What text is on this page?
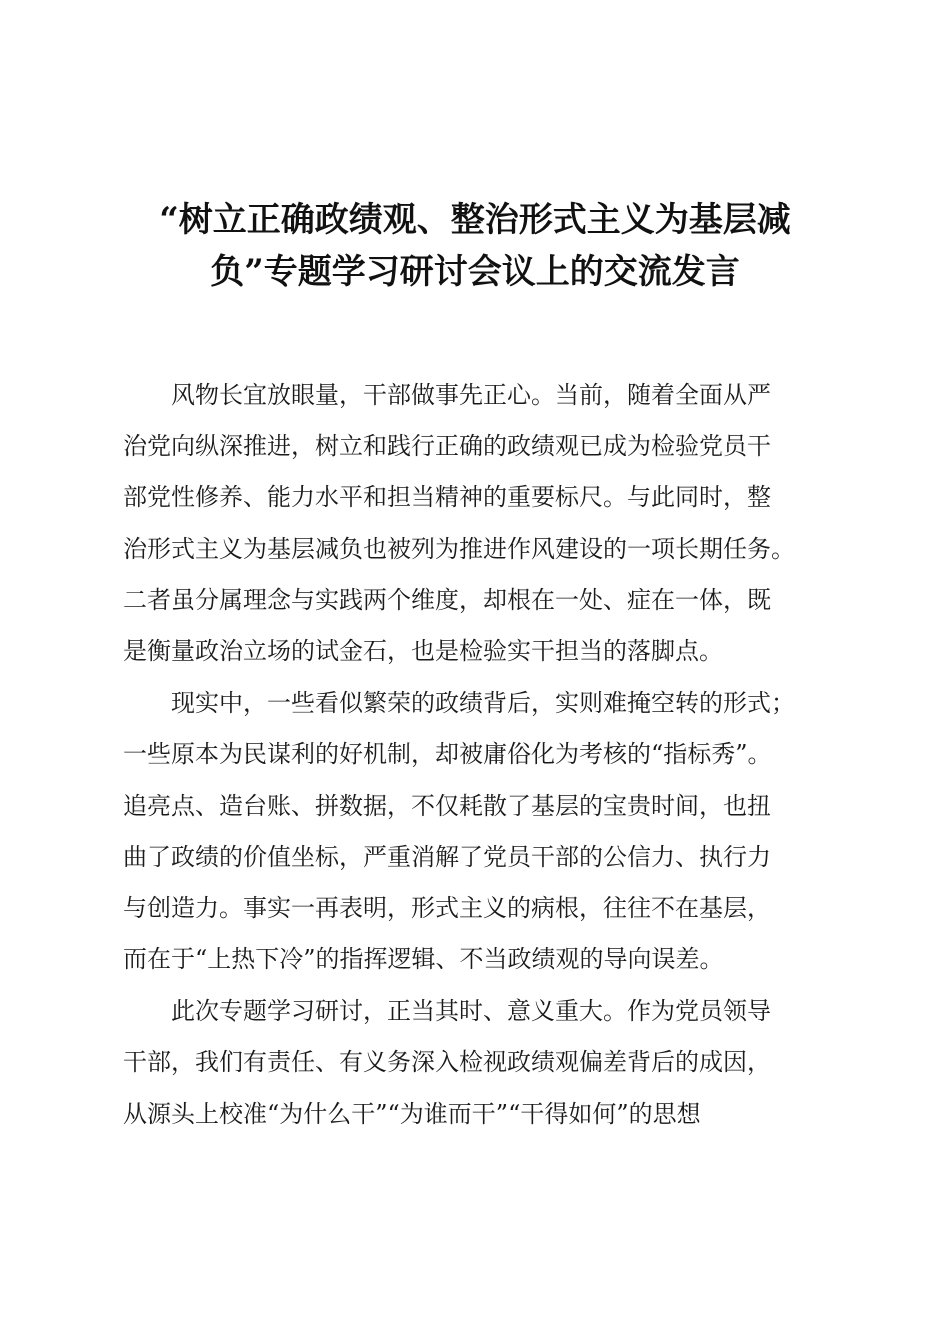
“树立正确政绩观、整治形式主义为基层减
负”专题学习研讨会议上的交流发言
风物长宜放眼量，干部做事先正心。当前，随着全面从严
治党向纵深推进，树立和践行正确的政绩观已成为检验党员干
部党性修养、能力水平和担当精神的重要标尺。与此同时，整
治形式主义为基层减负也被列为推进作风建设的一项长期任务。
二者虽分属理念与实践两个维度，却根在一处、症在一体，既
是衡量政治立场的试金石，也是检验实干担当的落脚点。
现实中，一些看似繁荣的政绩背后，实则难掩空转的形式；
一些原本为民谋利的好机制，却被庸俗化为考核的“指标秀”。
追亮点、造台账、拼数据，不仅耗散了基层的宝贵时间，也扭
曲了政绩的价值坐标，严重消解了党员干部的公信力、执行力
与创造力。事实一再表明，形式主义的病根，往往不在基层，
而在于“上热下冷”的指挥逻辑、不当政绩观的导向误差。
此次专题学习研讨，正当其时、意义重大。作为党员领导
干部，我们有责任、有义务深入检视政绩观偏差背后的成因，
从源头上校准“为什么干”“为谁而干”“干得如何”的思想
